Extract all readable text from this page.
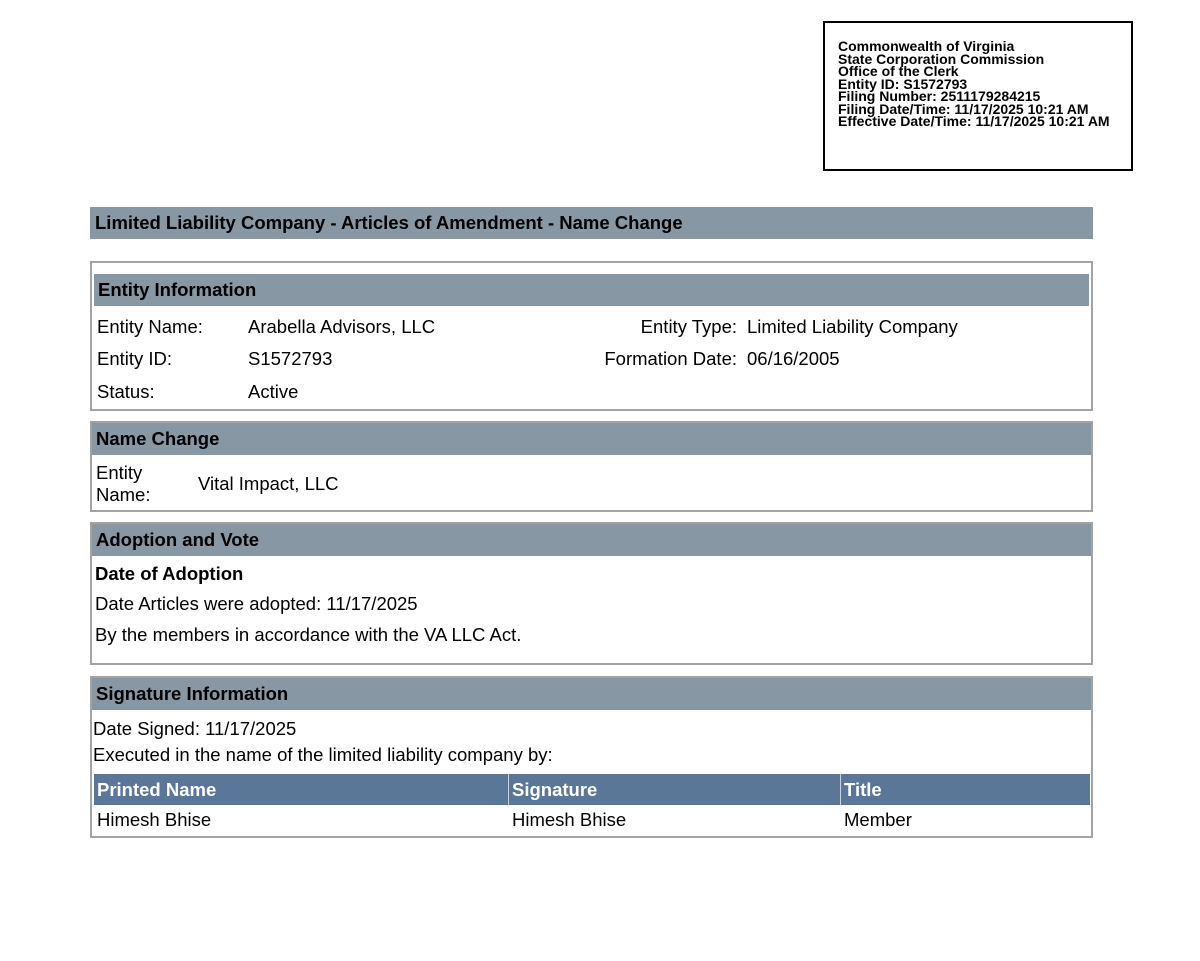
Commonwealth of Virginia
State Corporation Commission
Office of the Clerk
Entity ID: S1572793
Filing Number: 2511179284215
Filing Date/Time: 11/17/2025 10:21 AM
Effective Date/Time: 11/17/2025 10:21 AM
Limited Liability Company - Articles of Amendment - Name Change
Entity Information
Entity Name: Arabella Advisors, LLC	Entity Type: Limited Liability Company
Entity ID:	S1572793	Formation Date: 06/16/2005
Status:	Active
Name Change
Entity
Name:
Vital Impact, LLC
Adoption and Vote
Date of Adoption
Date Articles were adopted: 11/17/2025
By the members in accordance with the VA LLC Act.
Signature Information
Date Signed: 11/17/2025
Executed in the name of the limited liability company by:
Printed Name	Signature	Title
Himesh Bhise	Himesh Bhise	Member
